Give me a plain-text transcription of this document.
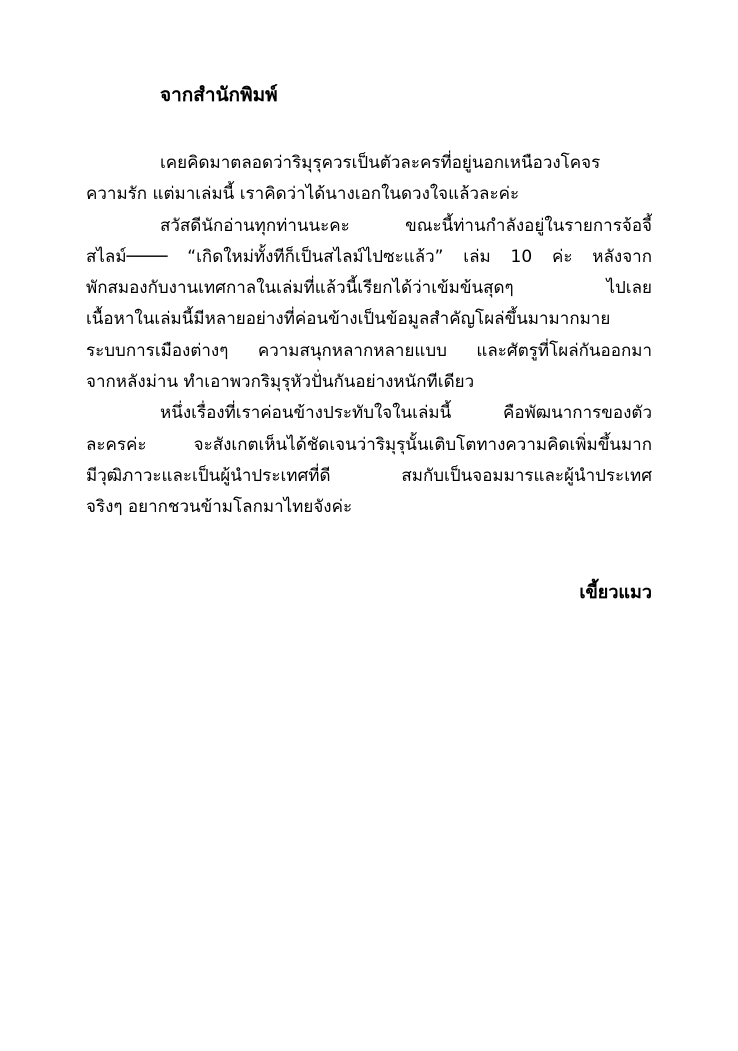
จากสำนักพิมพ์
เคยคิดมาตลอดว่าริมุรุควรเป็นตัวละครที่อยู่นอกเหนือวงโคจร
ความรัก แต่มาเล่มนี้ เราคิดว่าได้นางเอกในดวงใจแล้วละค่ะ
สวัสดีนักอ่านทุกท่านนะคะ ขณะนี้ท่านกำลังอยู่ในรายการจ้อจี้
สไลม์──── “เกิดใหม่ทั้งทีก็เป็นสไลม์ไปซะแล้ว” เล่ม 10 ค่ะ หลังจาก
พักสมองกับงานเทศกาลในเล่มที่แล้วนี้เรียกได้ว่าเข้มข้นสุดๆ ไปเลย
เนื้อหาในเล่มนี้มีหลายอย่างที่ค่อนข้างเป็นข้อมูลสำคัญโผล่ขึ้นมามากมาย
ระบบการเมืองต่างๆ ความสนุกหลากหลายแบบ และศัตรูที่โผล่กันออกมา
จากหลังม่าน ทำเอาพวกริมุรุหัวปั่นกันอย่างหนักทีเดียว
หนึ่งเรื่องที่เราค่อนข้างประทับใจในเล่มนี้ คือพัฒนาการของตัว
ละครค่ะ จะสังเกตเห็นได้ชัดเจนว่าริมุรุนั้นเติบโตทางความคิดเพิ่มขึ้นมาก
มีวุฒิภาวะและเป็นผู้นำประเทศที่ดี สมกับเป็นจอมมารและผู้นำประเทศ
จริงๆ อยากชวนข้ามโลกมาไทยจังค่ะ
เขี้ยวแมว
